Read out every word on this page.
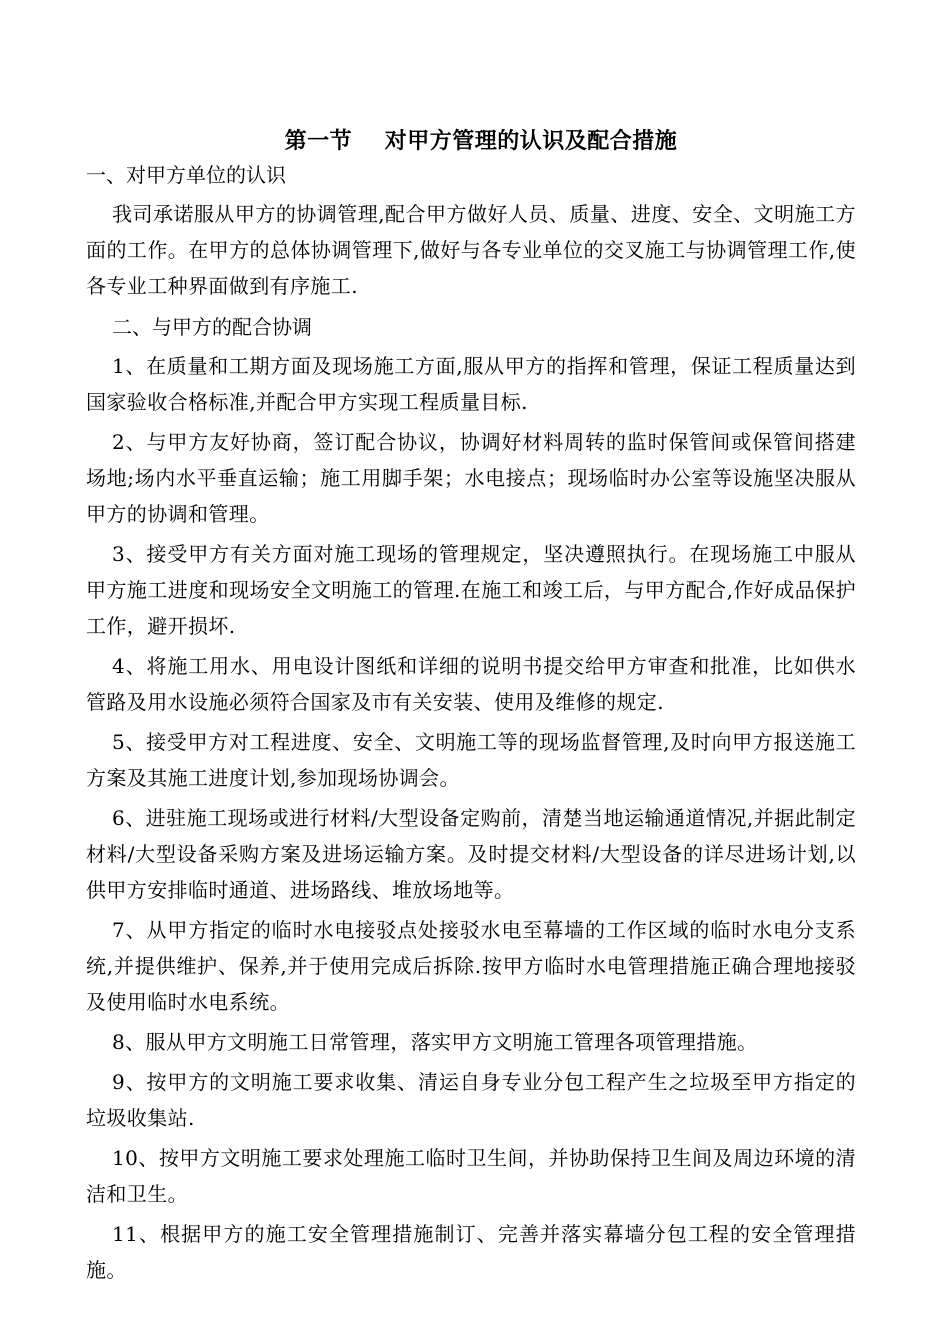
第一节    对甲方管理的认识及配合措施

一、对甲方单位的认识

我司承诺服从甲方的协调管理,配合甲方做好人员、质量、进度、安全、文明施工方面的工作。在甲方的总体协调管理下,做好与各专业单位的交叉施工与协调管理工作,使各专业工种界面做到有序施工.

二、与甲方的配合协调

1、在质量和工期方面及现场施工方面,服从甲方的指挥和管理，保证工程质量达到国家验收合格标准,并配合甲方实现工程质量目标.

2、与甲方友好协商，签订配合协议，协调好材料周转的监时保管间或保管间搭建场地;场内水平垂直运输；施工用脚手架；水电接点；现场临时办公室等设施坚决服从甲方的协调和管理。

3、接受甲方有关方面对施工现场的管理规定，坚决遵照执行。在现场施工中服从甲方施工进度和现场安全文明施工的管理.在施工和竣工后，与甲方配合,作好成品保护工作，避开损坏.

4、将施工用水、用电设计图纸和详细的说明书提交给甲方审查和批准，比如供水管路及用水设施必须符合国家及市有关安装、使用及维修的规定.

5、接受甲方对工程进度、安全、文明施工等的现场监督管理,及时向甲方报送施工方案及其施工进度计划,参加现场协调会。

6、进驻施工现场或进行材料/大型设备定购前，清楚当地运输通道情况,并据此制定材料/大型设备采购方案及进场运输方案。及时提交材料/大型设备的详尽进场计划,以供甲方安排临时通道、进场路线、堆放场地等。

7、从甲方指定的临时水电接驳点处接驳水电至幕墙的工作区域的临时水电分支系统,并提供维护、保养,并于使用完成后拆除.按甲方临时水电管理措施正确合理地接驳及使用临时水电系统。

8、服从甲方文明施工日常管理，落实甲方文明施工管理各项管理措施。

9、按甲方的文明施工要求收集、清运自身专业分包工程产生之垃圾至甲方指定的垃圾收集站.

10、按甲方文明施工要求处理施工临时卫生间，并协助保持卫生间及周边环境的清洁和卫生。

11、根据甲方的施工安全管理措施制订、完善并落实幕墙分包工程的安全管理措施。
